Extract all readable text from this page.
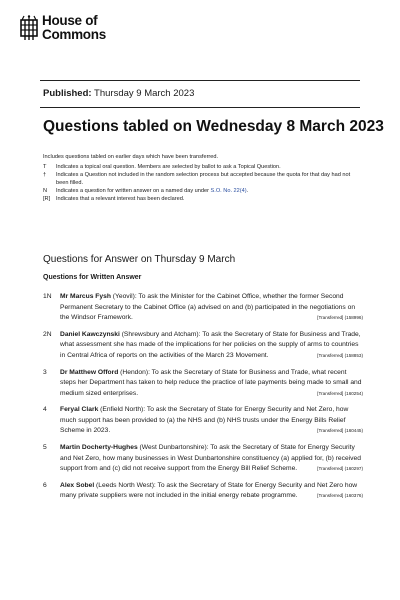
House of
Commons
Published: Thursday 9 March 2023
Questions tabled on Wednesday 8 March 2023
Includes questions tabled on earlier days which have been transferred.
T	Indicates a topical oral question. Members are selected by ballot to ask a Topical Question.
†	Indicates a Question not included in the random selection process but accepted because the quota for that day had not been filled.
N	Indicates a question for written answer on a named day under S.O. No. 22(4).
[R]	Indicates that a relevant interest has been declared.
Questions for Answer on Thursday 9 March
Questions for Written Answer
1N	Mr Marcus Fysh (Yeovil): To ask the Minister for the Cabinet Office, whether the former Second Permanent Secretary to the Cabinet Office (a) advised on and (b) participated in the negotiations on the Windsor Framework.	[Transferred] (158996)
2N	Daniel Kawczynski (Shrewsbury and Atcham): To ask the Secretary of State for Business and Trade, what assessment she has made of the implications for her policies on the supply of arms to countries in Central Africa of reports on the activities of the March 23 Movement.	[Transferred] (158853)
3	Dr Matthew Offord (Hendon): To ask the Secretary of State for Business and Trade, what recent steps her Department has taken to help reduce the practice of late payments being made to small and medium sized enterprises.	[Transferred] (160254)
4	Feryal Clark (Enfield North): To ask the Secretary of State for Energy Security and Net Zero, how much support has been provided to (a) the NHS and (b) NHS trusts under the Energy Bills Relief Scheme in 2023.	[Transferred] (160445)
5	Martin Docherty-Hughes (West Dunbartonshire): To ask the Secretary of State for Energy Security and Net Zero, how many businesses in West Dunbartonshire constituency (a) applied for, (b) received support from and (c) did not receive support from the Energy Bill Relief Scheme.	[Transferred] (160297)
6	Alex Sobel (Leeds North West): To ask the Secretary of State for Energy Security and Net Zero how many private suppliers were not included in the initial energy rebate programme.	[Transferred] (160376)
